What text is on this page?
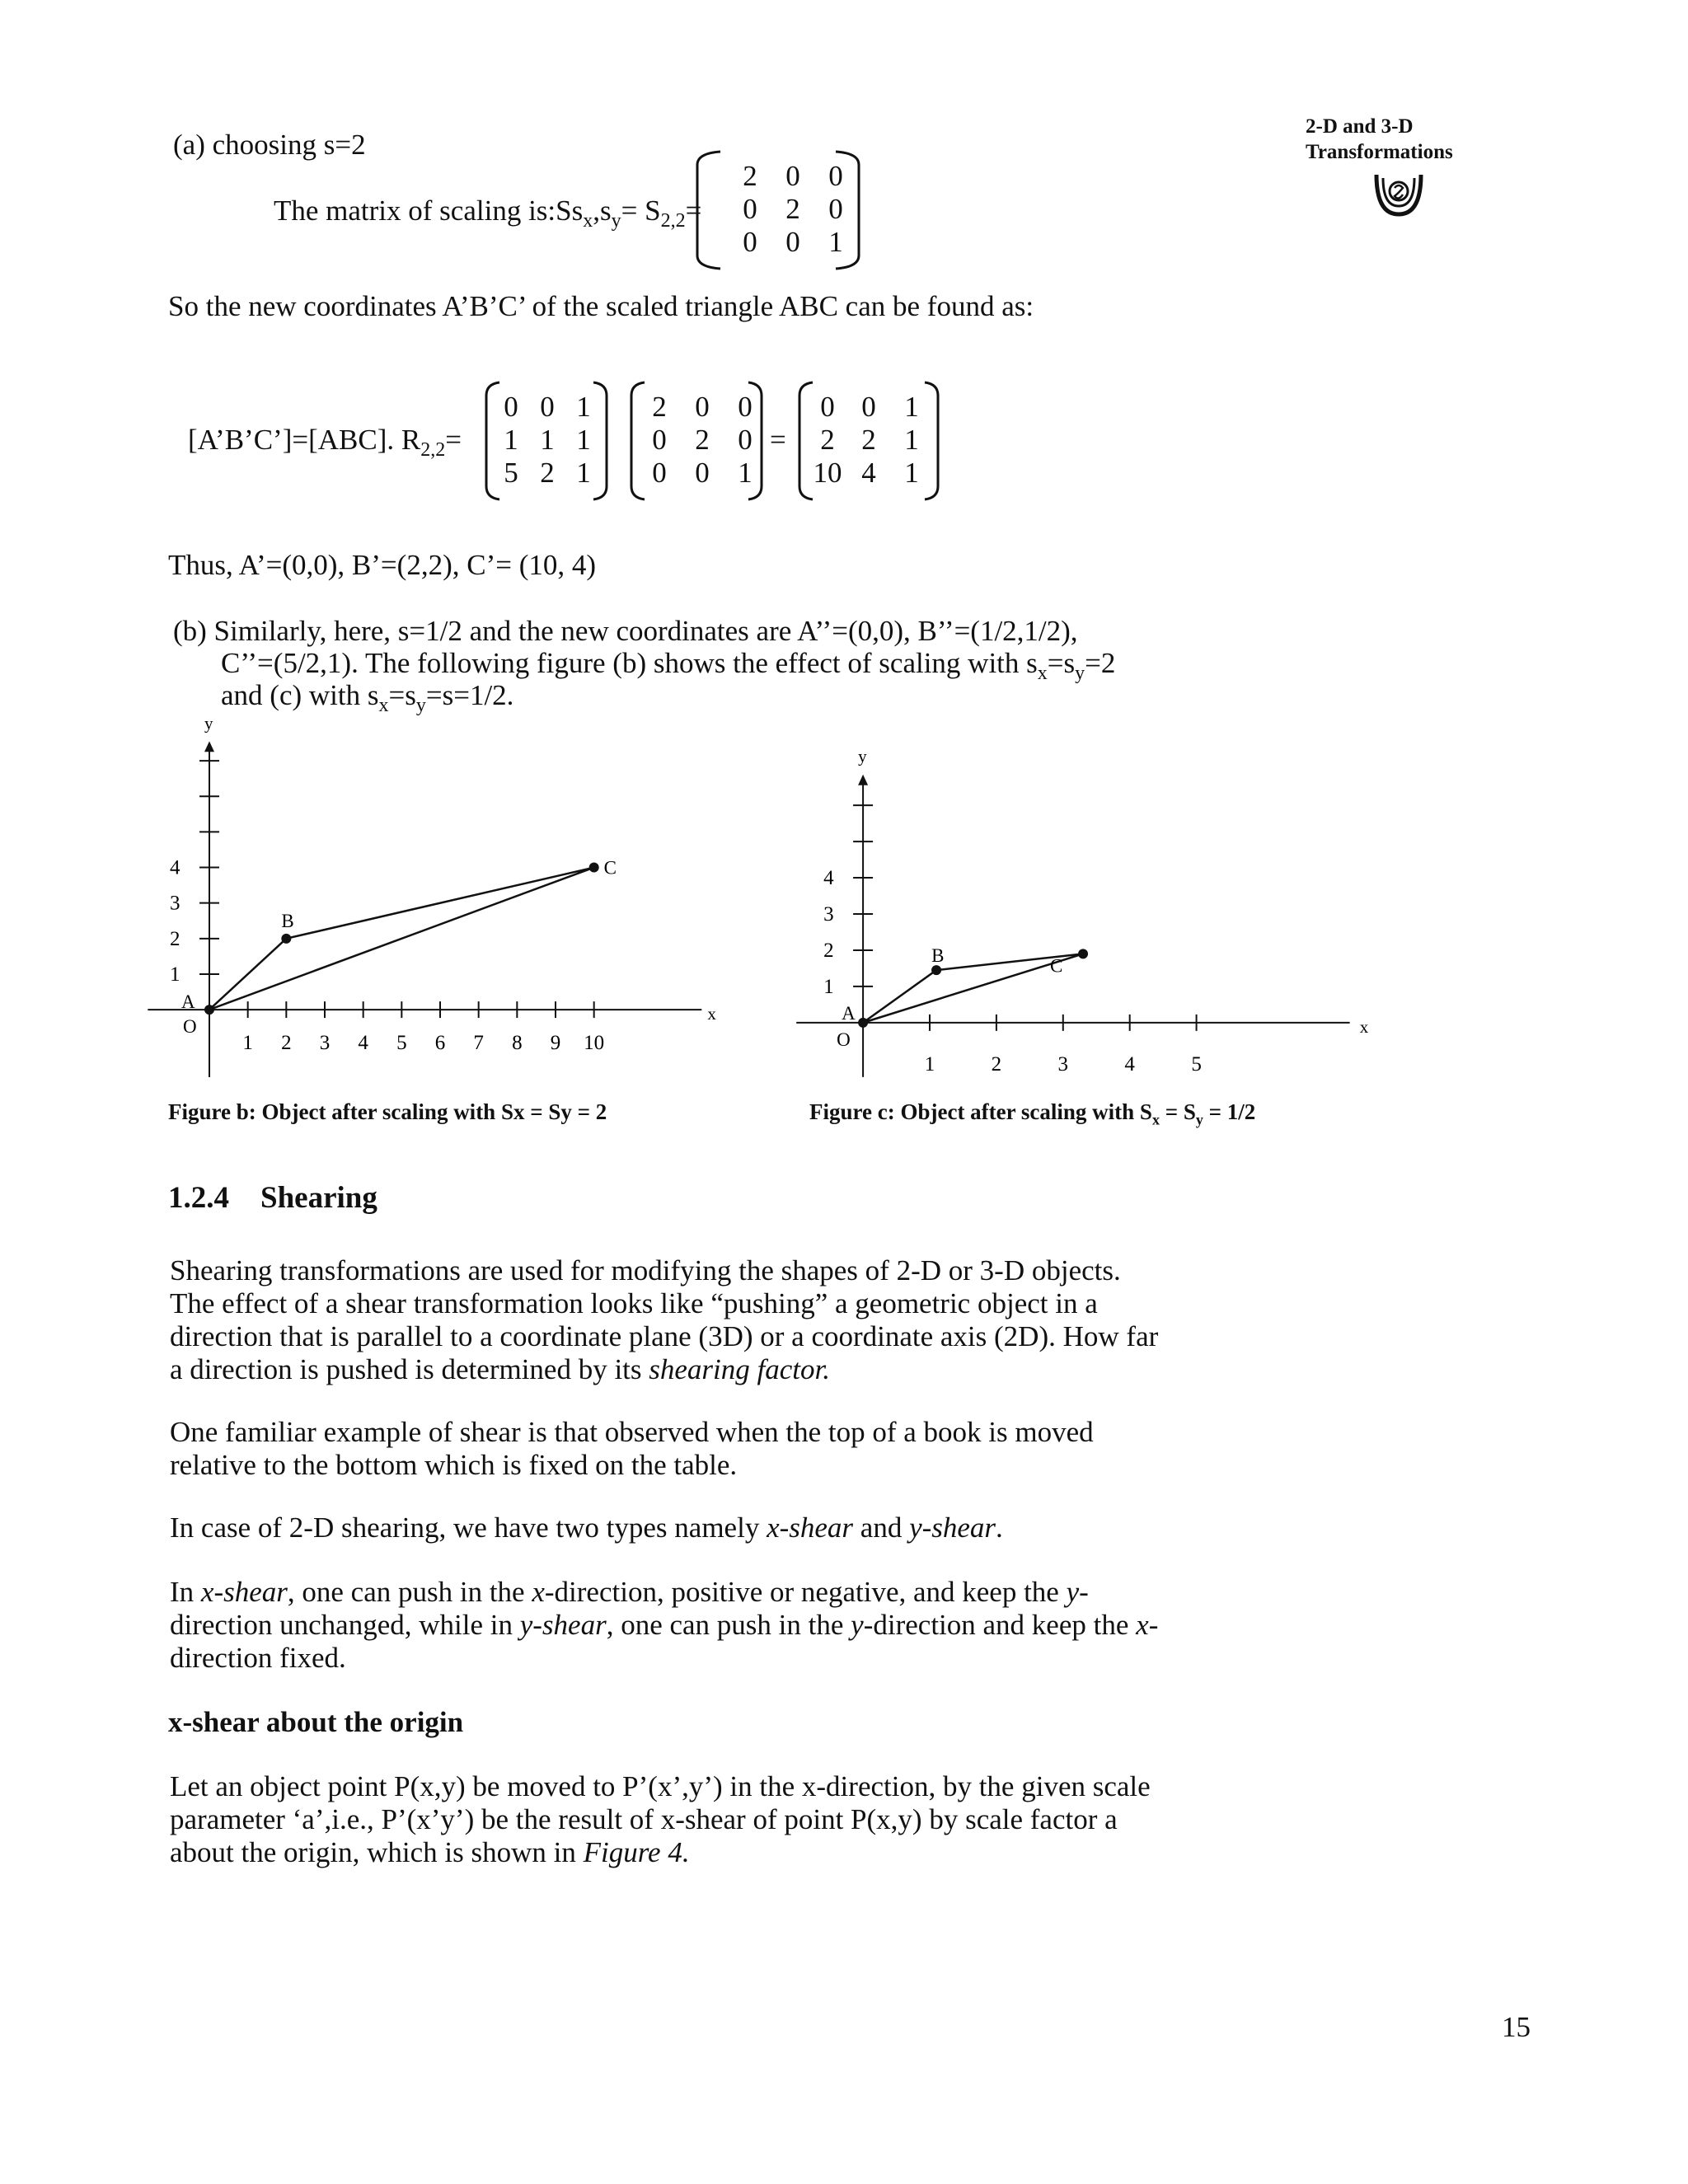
2-D and 3-D
Transformations
(a) choosing s=2
The matrix of scaling $is:Ss_x,s_y= S_{2,2}=$
2 0 0
0 2 0
0 0 1
So the new coordinates A’B’C’ of the scaled triangle ABC can be found as:
[A’B’C’]=[ABC]. $R_{2,2}=$
0 0 1
1 1 1
5 2 1
2 0 0
0 2 0
0 0 1
=
0 0 1
2 2 1
10 4 1
Thus, A’=(0,0), B’=(2,2), C’= (10, 4)
(b) Similarly, here, s=1/2 and the new coordinates are A’’=(0,0), B’’=(1/2,1/2),
C’’=(5/2,1). The following figure (b) shows the effect of scaling with $s_x=s_y=2$
and (c) with $s_x=s_y=s=1/2$.
y
x
O
1 2 3 4 5 6 7 8 9 10
1
2
3
4
A
B
C
Figure b: Object after scaling with Sx = Sy = 2
y
x
O
1	2	3	4	5
1
2
3
4
A
B	C
Figure c: Object after scaling with $S_x = S_y = 1/2$
1.2.4 Shearing
Shearing transformations are used for modifying the shapes of 2-D or 3-D objects.
The effect of a shear transformation looks like “pushing” a geometric object in a
direction that is parallel to a coordinate plane (3D) or a coordinate axis (2D). How far
a direction is pushed is determined by its shearing factor.
One familiar example of shear is that observed when the top of a book is moved
relative to the bottom which is fixed on the table.
In case of 2-D shearing, we have two types namely x-shear and y-shear.
In x-shear, one can push in the x-direction, positive or negative, and keep the y-
direction unchanged, while in y-shear, one can push in the y-direction and keep the x-
direction fixed.
x-shear about the origin
Let an object point P(x,y) be moved to P’(x’,y’) in the x-direction, by the given scale
parameter ‘a’,i.e., P’(x’y’) be the result of x-shear of point P(x,y) by scale factor a
about the origin, which is shown in Figure 4.
15
